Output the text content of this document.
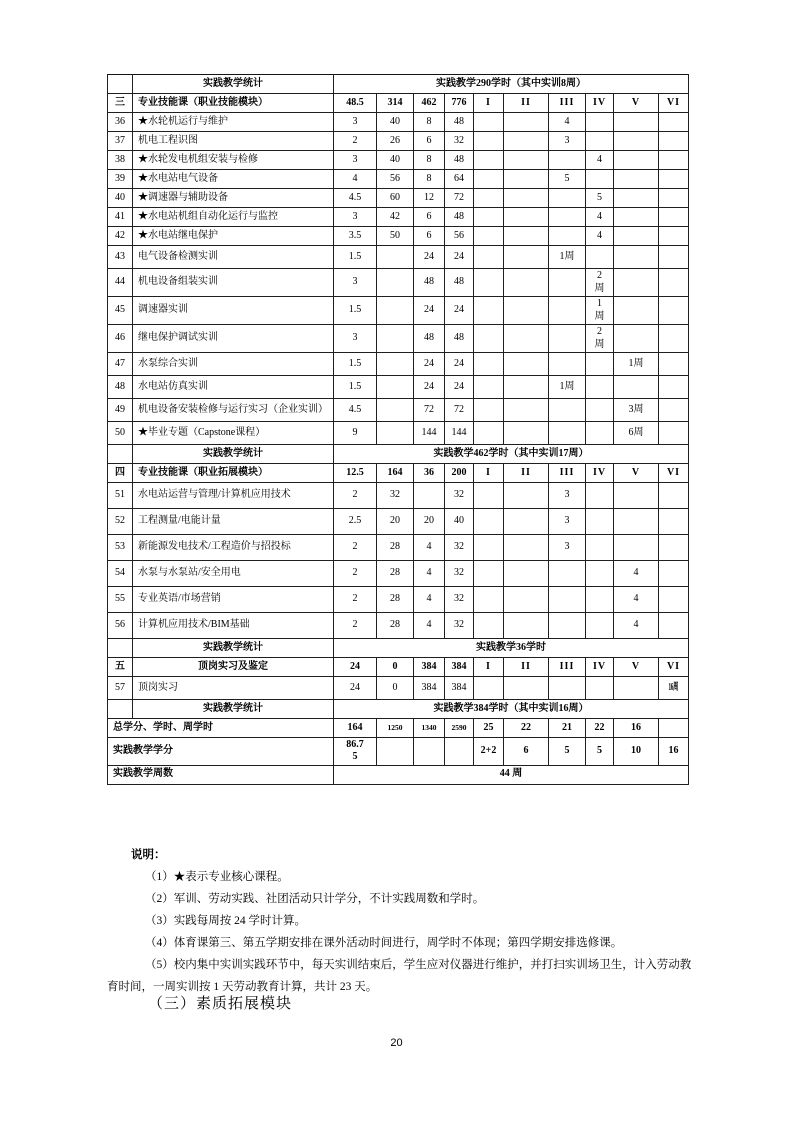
	实践教学统计	实践教学290学时（其中实训8周）									
三	专业技能课（职业技能模块）	48.5	314	462	776	I	II	III	IV	V	VI
36	★水轮机运行与维护	3	40	8	48			4			
37	机电工程识图	2	26	6	32			3			
38	★水轮发电机组安装与检修	3	40	8	48				4		
39	★水电站电气设备	4	56	8	64			5			
40	★调速器与辅助设备	4.5	60	12	72				5		
41	★水电站机组自动化运行与监控	3	42	6	48				4		
42	★水电站继电保护	3.5	50	6	56				4		
43	电气设备检测实训	1.5		24	24			1周			
44	机电设备组装实训	3		48	48				2
周		
45	调速器实训	1.5		24	24				1
周		
46	继电保护调试实训	3		48	48				2
周		
47	水泵综合实训	1.5		24	24					1周	
48	水电站仿真实训	1.5		24	24			1周			
49	机电设备安装检修与运行实习（企业实训）	4.5		72	72					3周	
50	★毕业专题（Capstone课程）	9		144	144					6周	
	实践教学统计	实践教学462学时（其中实训17周）									
四	专业技能课（职业拓展模块）	12.5	164	36	200	I	II	III	IV	V	VI
51	水电站运营与管理/计算机应用技术	2	32		32			3			
52	工程测量/电能计量	2.5	20	20	40			3			
53	新能源发电技术/工程造价与招投标	2	28	4	32			3			
54	水泵与水泵站/安全用电	2	28	4	32					4	
55	专业英语/市场营销	2	28	4	32					4	
56	计算机应用技术/BIM基础	2	28	4	32					4	
	实践教学统计	实践教学36学时									
五	顶岗实习及鉴定	24	0	384	384	I	II	III	IV	V	VI
57	顶岗实习	24	0	384	384						16周
	实践教学统计	实践教学384学时（其中实训16周）									
总学分、学时、周学时		164	1250	1340	2590	25	22	21	22	16	
实践教学学分		86.75				2+2	6	5	5	10	16
实践教学周数		44 周									
说明：

（1）★表示专业核心课程。

（2）军训、劳动实践、社团活动只计学分，不计实践周数和学时。

（3）实践每周按 24 学时计算。

（4）体育课第三、第五学期安排在课外活动时间进行，周学时不体现；第四学期安排选修课。

（5）校内集中实训实践环节中，每天实训结束后，学生应对仪器进行维护，并打扫实训场卫生，计入劳动教育时间，一周实训按 1 天劳动教育计算，共计 23 天。

（三）素质拓展模块
20
